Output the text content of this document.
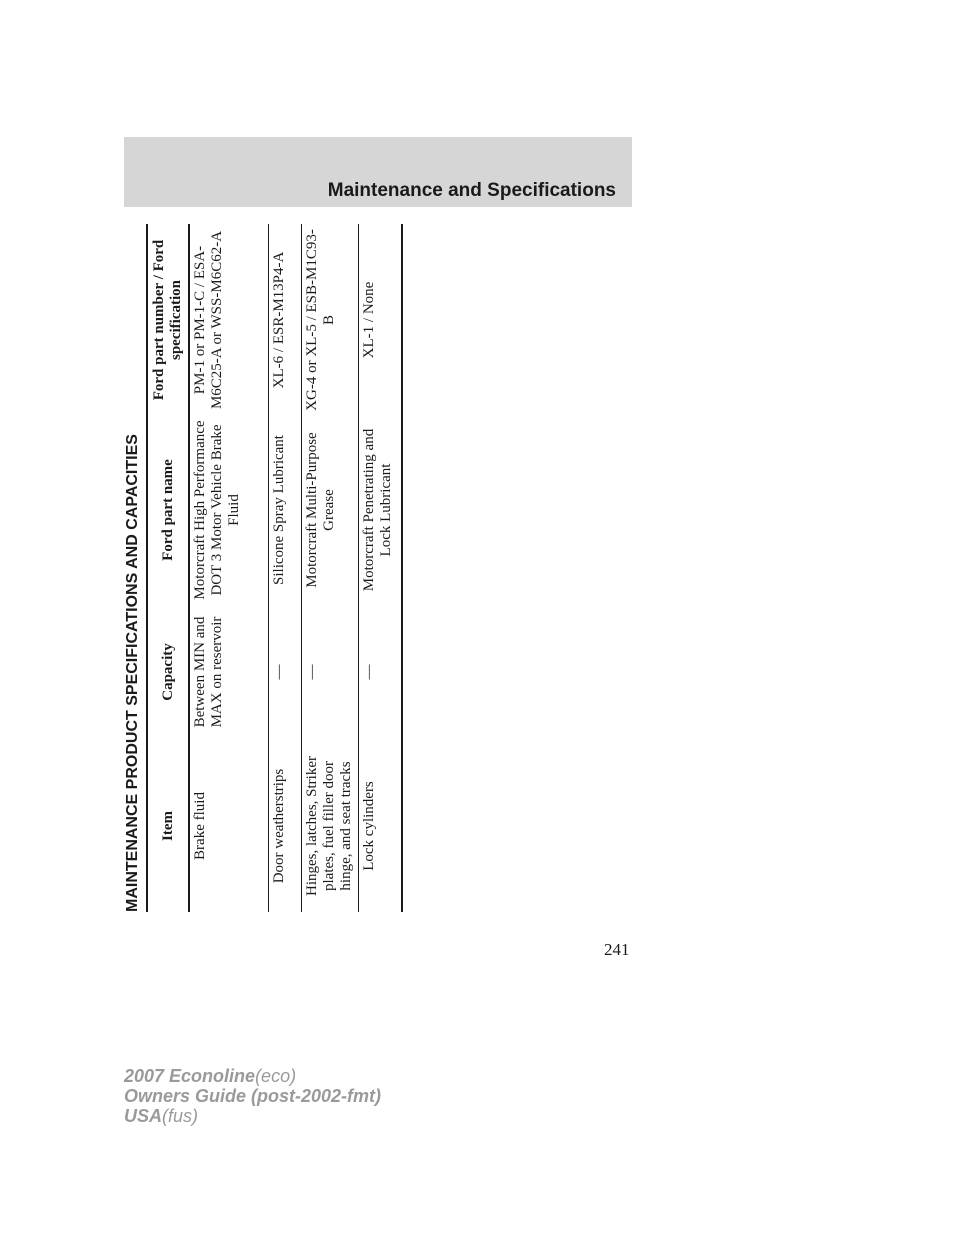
Maintenance and Specifications
MAINTENANCE PRODUCT SPECIFICATIONS AND CAPACITIES	Item	Capacity	Ford part name	Ford part number / Ford specification
Brake fluid	Between MIN and MAX on reservoir	Motorcraft High Performance DOT 3 Motor Vehicle Brake Fluid	PM-1 or PM-1-C / ESA-M6C25-A or WSS-M6C62-A
Door weatherstrips	—	Silicone Spray Lubricant	XL-6 / ESR-M13P4-A
Hinges, latches, Striker plates, fuel filler door hinge, and seat tracks	—	Motorcraft Multi-Purpose Grease	XG-4 or XL-5 / ESB-M1C93-B
Lock cylinders	—	Motorcraft Penetrating and Lock Lubricant	XL-1 / None
241
2007 Econoline(eco)
Owners Guide (post-2002-fmt)
USA(fus)
